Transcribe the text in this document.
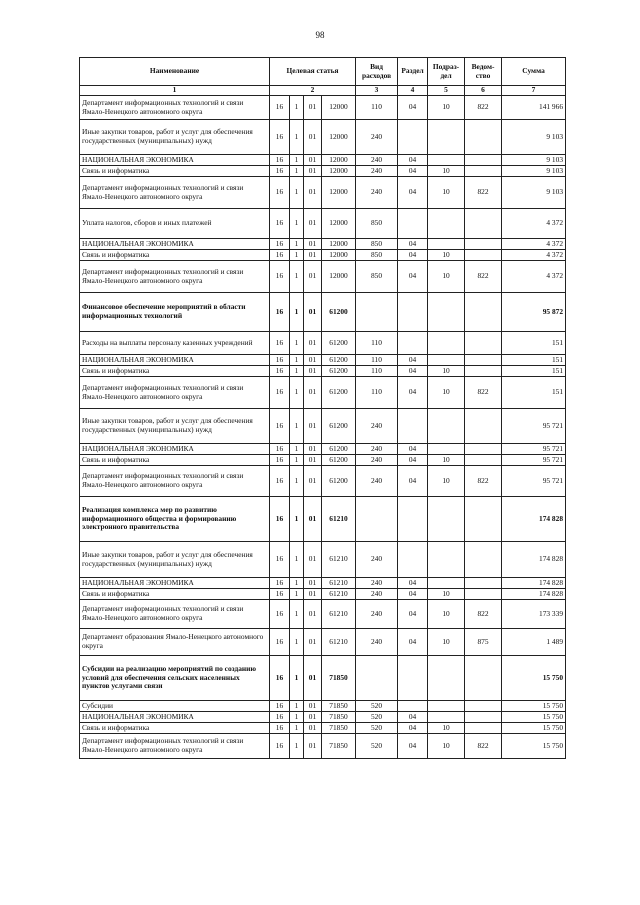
98
Наименование	Целевая статья				Вид расходов	Раздел	Подраз-дел	Ведом-ство	Сумма
1	2				3	4	5	6	7
Департамент информационных технологий и связи Ямало-Ненецкого автономного округа	16	1	01	12000	110	04	10	822	141 966
Иные закупки товаров, работ и услуг для обеспечения государственных (муниципальных) нужд	16	1	01	12000	240				9 103
НАЦИОНАЛЬНАЯ ЭКОНОМИКА	16	1	01	12000	240	04			9 103
Связь и информатика	16	1	01	12000	240	04	10		9 103
Департамент информационных технологий и связи Ямало-Ненецкого автономного округа	16	1	01	12000	240	04	10	822	9 103
Уплата налогов, сборов и иных платежей	16	1	01	12000	850				4 372
НАЦИОНАЛЬНАЯ ЭКОНОМИКА	16	1	01	12000	850	04			4 372
Связь и информатика	16	1	01	12000	850	04	10		4 372
Департамент информационных технологий и связи Ямало-Ненецкого автономного округа	16	1	01	12000	850	04	10	822	4 372
Финансовое обеспечение мероприятий в области информационных технологий	16	1	01	61200					95 872
Расходы на выплаты персоналу казенных учреждений	16	1	01	61200	110				151
НАЦИОНАЛЬНАЯ ЭКОНОМИКА	16	1	01	61200	110	04			151
Связь и информатика	16	1	01	61200	110	04	10		151
Департамент информационных технологий и связи Ямало-Ненецкого автономного округа	16	1	01	61200	110	04	10	822	151
Иные закупки товаров, работ и услуг для обеспечения государственных (муниципальных) нужд	16	1	01	61200	240				95 721
НАЦИОНАЛЬНАЯ ЭКОНОМИКА	16	1	01	61200	240	04			95 721
Связь и информатика	16	1	01	61200	240	04	10		95 721
Департамент информационных технологий и связи Ямало-Ненецкого автономного округа	16	1	01	61200	240	04	10	822	95 721
Реализация комплекса мер по развитию информационного общества и формированию электронного правительства	16	1	01	61210					174 828
Иные закупки товаров, работ и услуг для обеспечения государственных (муниципальных) нужд	16	1	01	61210	240				174 828
НАЦИОНАЛЬНАЯ ЭКОНОМИКА	16	1	01	61210	240	04			174 828
Связь и информатика	16	1	01	61210	240	04	10		174 828
Департамент информационных технологий и связи Ямало-Ненецкого автономного округа	16	1	01	61210	240	04	10	822	173 339
Департамент образования Ямало-Ненецкого автономного округа	16	1	01	61210	240	04	10	875	1 489
Субсидии на реализацию мероприятий по созданию условий для обеспечения сельских населенных пунктов услугами связи	16	1	01	71850					15 750
Субсидии	16	1	01	71850	520				15 750
НАЦИОНАЛЬНАЯ ЭКОНОМИКА	16	1	01	71850	520	04			15 750
Связь и информатика	16	1	01	71850	520	04	10		15 750
Департамент информационных технологий и связи Ямало-Ненецкого автономного округа	16	1	01	71850	520	04	10	822	15 750
